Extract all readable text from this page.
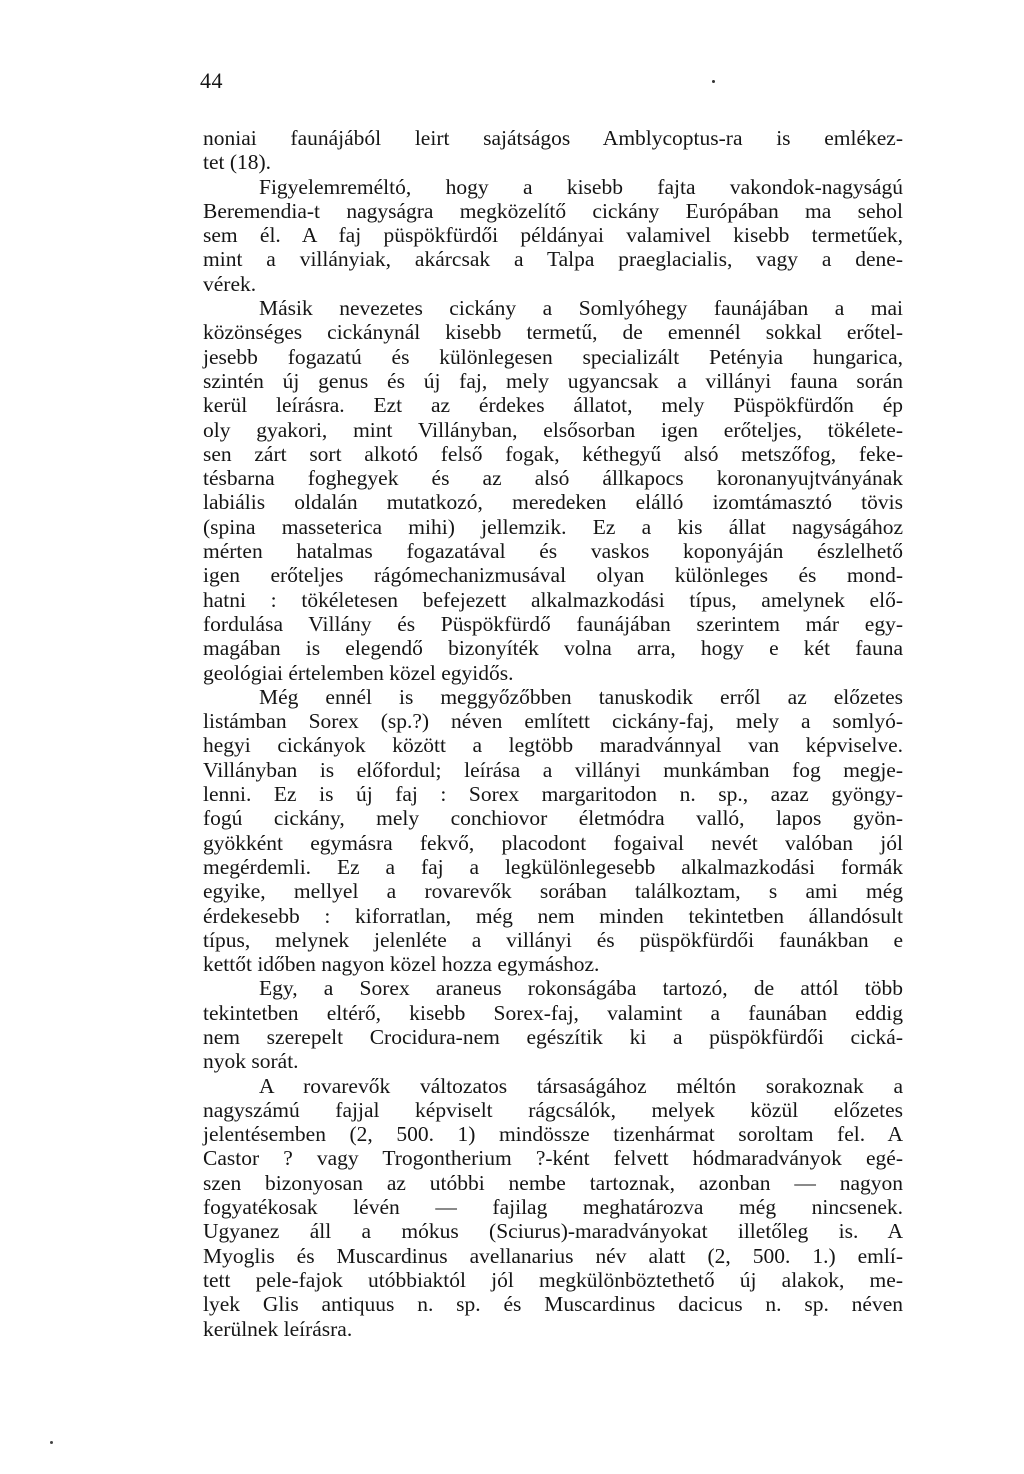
44
noniai faunájából leirt sajátságos Amblycoptus-ra is emlékez-
tet (18).
Figyelemreméltó, hogy a kisebb fajta vakondok-nagyságú
Beremendia-t nagyságra megközelítő cickány Európában ma sehol
sem él. A faj püspökfürdői példányai valamivel kisebb termetűek,
mint a villányiak, akárcsak a Talpa praeglacialis, vagy a dene-
vérek.
Másik nevezetes cickány a Somlyóhegy faunájában a mai
közönséges cickánynál kisebb termetű, de emennél sokkal erőtel-
jesebb fogazatú és különlegesen specializált Petényia hungarica,
szintén új genus és új faj, mely ugyancsak a villányi fauna során
kerül leírásra. Ezt az érdekes állatot, mely Püspökfürdőn ép
oly gyakori, mint Villányban, elsősorban igen erőteljes, tökélete-
sen zárt sort alkotó felső fogak, kéthegyű alsó metszőfog, feke-
tésbarna foghegyek és az alsó állkapocs koronanyujtványának
labiális oldalán mutatkozó, meredeken elálló izomtámasztó tövis
(spina masseterica mihi) jellemzik. Ez a kis állat nagyságához
mérten hatalmas fogazatával és vaskos koponyáján észlelhető
igen erőteljes rágómechanizmusával olyan különleges és mond-
hatni : tökéletesen befejezett alkalmazkodási típus, amelynek elő-
fordulása Villány és Püspökfürdő faunájában szerintem már egy-
magában is elegendő bizonyíték volna arra, hogy e két fauna
geológiai értelemben közel egyidős.
Még ennél is meggyőzőbben tanuskodik erről az előzetes
listámban Sorex (sp.?) néven említett cickány-faj, mely a somlyó-
hegyi cickányok között a legtöbb maradvánnyal van képviselve.
Villányban is előfordul; leírása a villányi munkámban fog megje-
lenni. Ez is új faj : Sorex margaritodon n. sp., azaz gyöngy-
fogú cickány, mely conchiovor életmódra valló, lapos gyön-
gyökként egymásra fekvő, placodont fogaival nevét valóban jól
megérdemli. Ez a faj a legkülönlegesebb alkalmazkodási formák
egyike, mellyel a rovarevők sorában találkoztam, s ami még
érdekesebb : kiforratlan, még nem minden tekintetben állandósult
típus, melynek jelenléte a villányi és püspökfürdői faunákban e
kettőt időben nagyon közel hozza egymáshoz.
Egy, a Sorex araneus rokonságába tartozó, de attól több
tekintetben eltérő, kisebb Sorex-faj, valamint a faunában eddig
nem szerepelt Crocidura-nem egészítik ki a püspökfürdői cická-
nyok sorát.
A rovarevők változatos társaságához méltón sorakoznak a
nagyszámú fajjal képviselt rágcsálók, melyek közül előzetes
jelentésemben (2, 500. 1) mindössze tizenhármat soroltam fel. A
Castor ? vagy Trogontherium ?-ként felvett hódmaradványok egé-
szen bizonyosan az utóbbi nembe tartoznak, azonban — nagyon
fogyatékosak lévén — fajilag meghatározva még nincsenek.
Ugyanez áll a mókus (Sciurus)-maradványokat illetőleg is. A
Myoglis és Muscardinus avellanarius név alatt (2, 500. 1.) emlí-
tett pele-fajok utóbbiaktól jól megkülönböztethető új alakok, me-
lyek Glis antiquus n. sp. és Muscardinus dacicus n. sp. néven
kerülnek leírásra.
